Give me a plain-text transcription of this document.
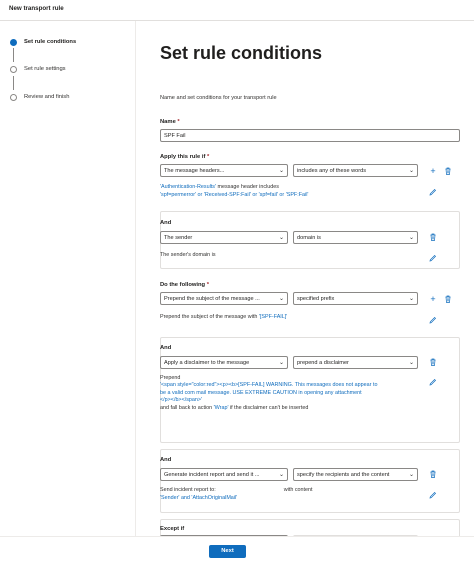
New transport rule
Set rule conditions
Set rule settings
Review and finish
Set rule conditions
Name and set conditions for your transport rule
Name *
SPF Fail
Apply this rule if *
The message headers...	⌄	includes any of these words	⌄ +
'Authentication-Results' message header includes
'spf=permerror' or 'Received-SPF:Fail' or 'spf=fail' or 'SPF:Fail'
And
The sender	⌄	domain is	⌄
The sender's domain is
Do the following *
Prepend the subject of the message ...	⌄	specified prefix	⌄ +
Prepend the subject of the message with '[SPF-FAIL]'
And
Apply a disclaimer to the message	⌄	prepend a disclaimer	⌄
Prepend
'<span style="color:red"><p><b>[SPF-FAIL] WARNING. This messages does not appear to
be a valid com mail message. USE EXTREME CAUTION in opening any attachment
</p></b></span>'
and fall back to action 'Wrap' if the disclaimer can't be inserted
And
Generate incident report and send it ...	⌄	specify the recipients and the content	⌄
Send incident report to:	with content
'Sender' and 'AttachOriginalMail'
Except if
Next
